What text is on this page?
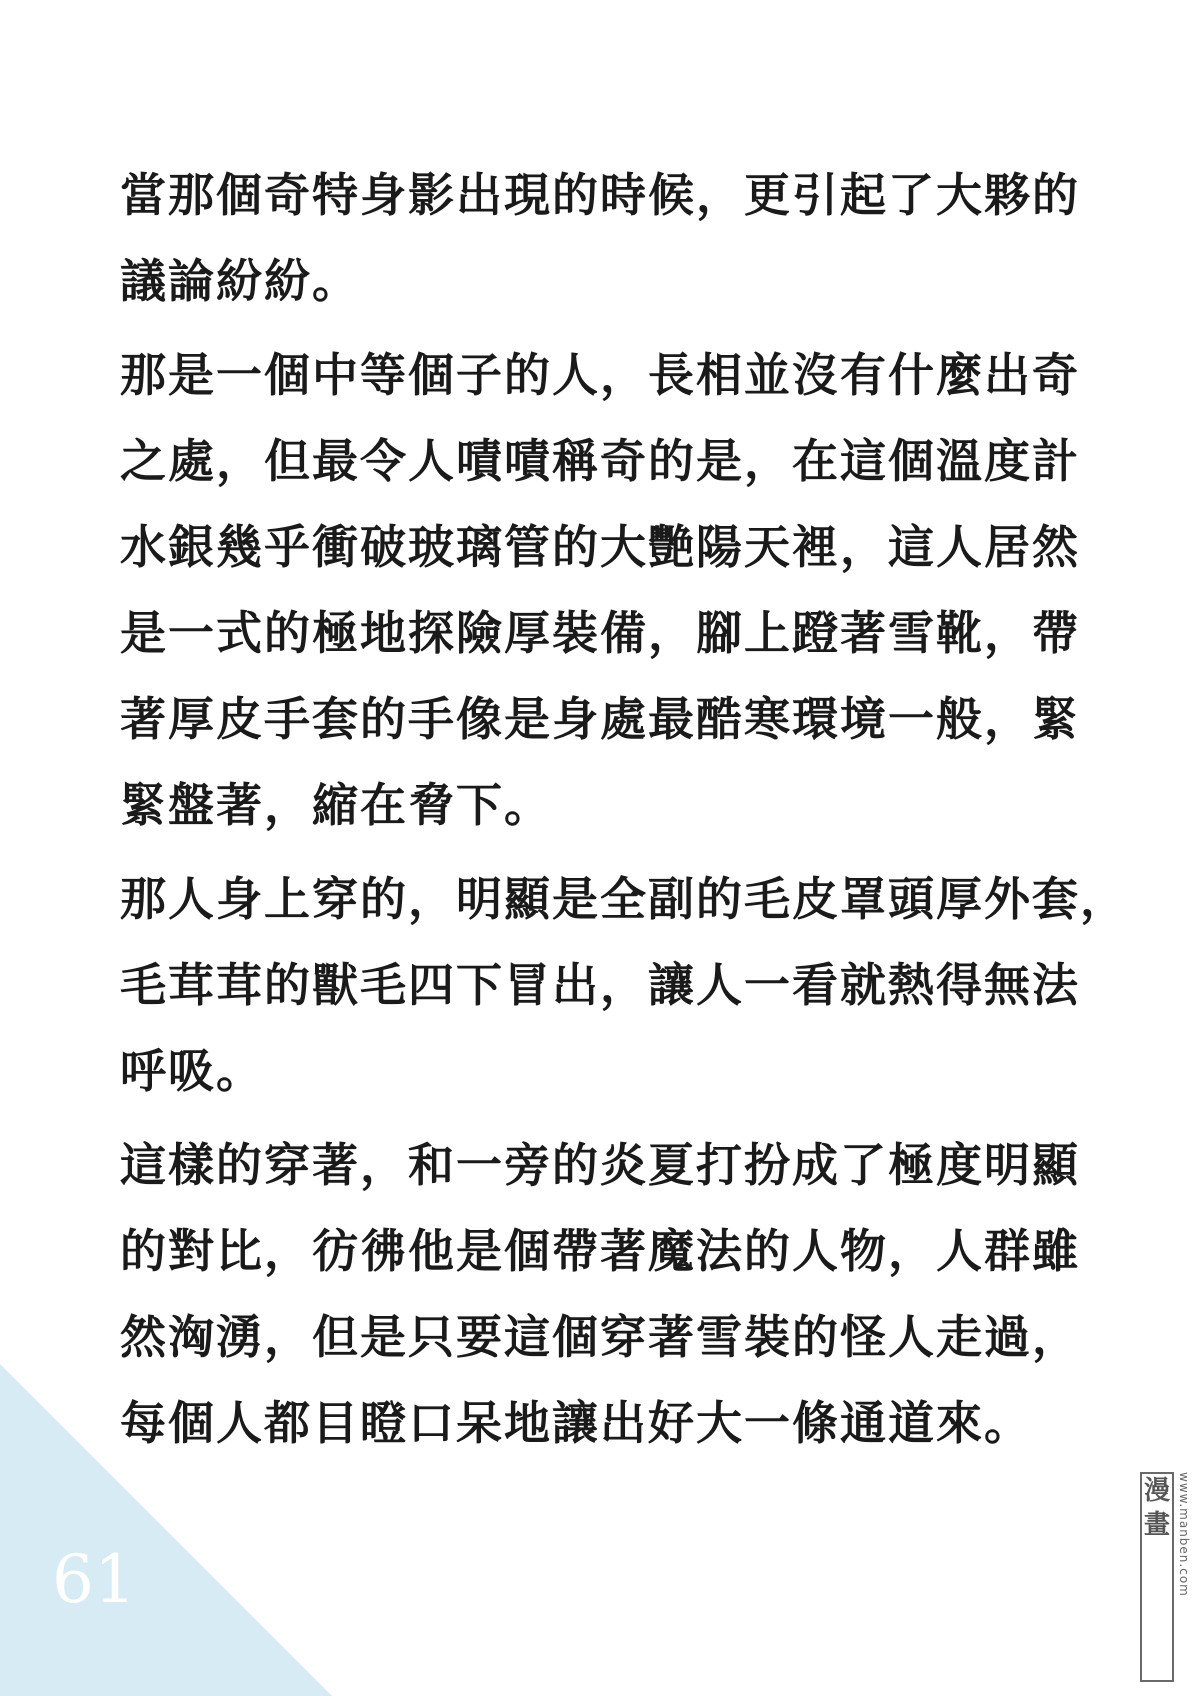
當那個奇特身影出現的時候，更引起了大夥的
議論紛紛。
那是一個中等個子的人，長相並沒有什麼出奇
之處，但最令人嘖嘖稱奇的是，在這個溫度計
水銀幾乎衝破玻璃管的大艷陽天裡，這人居然
是一式的極地探險厚裝備，腳上蹬著雪靴，帶
著厚皮手套的手像是身處最酷寒環境一般，緊
緊盤著，縮在脅下。
那人身上穿的，明顯是全副的毛皮罩頭厚外套，
毛茸茸的獸毛四下冒出，讓人一看就熱得無法
呼吸。
這樣的穿著，和一旁的炎夏打扮成了極度明顯
的對比，彷彿他是個帶著魔法的人物，人群雖
然洶湧，但是只要這個穿著雪裝的怪人走過，
每個人都目瞪口呆地讓出好大一條通道來。
61
漫
畫 www.manben.com
